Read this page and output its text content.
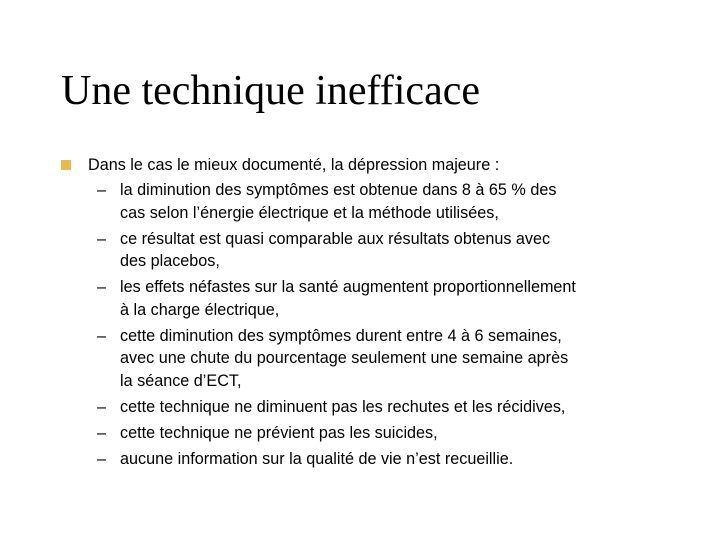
Une technique inefficace
Dans le cas le mieux documenté, la dépression majeure :
– la diminution des symptômes est obtenue dans 8 à 65 % des
cas selon l’énergie électrique et la méthode utilisées,
– ce résultat est quasi comparable aux résultats obtenus avec
des placebos,
– les effets néfastes sur la santé augmentent proportionnellement
à la charge électrique,
– cette diminution des symptômes durent entre 4 à 6 semaines,
avec une chute du pourcentage seulement une semaine après
la séance d’ECT,
– cette technique ne diminuent pas les rechutes et les récidives,
– cette technique ne prévient pas les suicides,
– aucune information sur la qualité de vie n’est recueillie.
